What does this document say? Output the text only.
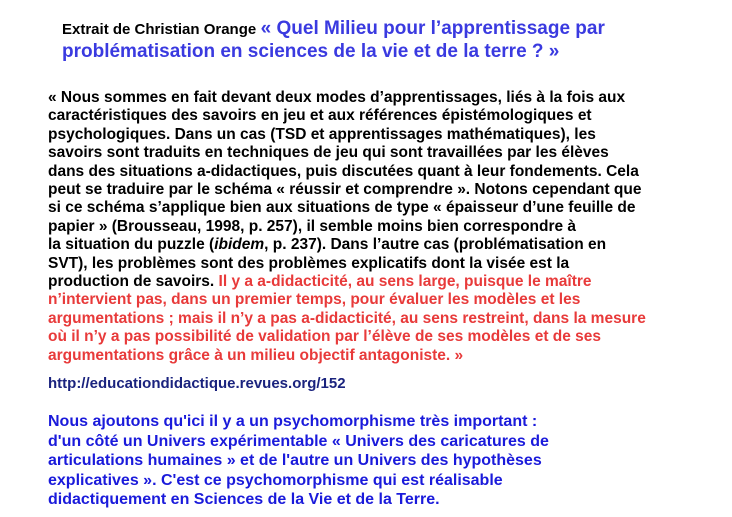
Extrait de Christian Orange « Quel Milieu pour l’apprentissage par
problématisation en sciences de la vie et de la terre ? »
« Nous sommes en fait devant deux modes d’apprentissages, liés à la fois aux
caractéristiques des savoirs en jeu et aux références épistémologiques et
psychologiques. Dans un cas (TSD et apprentissages mathématiques), les
savoirs sont traduits en techniques de jeu qui sont travaillées par les élèves
dans des situations a-didactiques, puis discutées quant à leur fondements. Cela
peut se traduire par le schéma « réussir et comprendre ». Notons cependant que
si ce schéma s’applique bien aux situations de type « épaisseur d’une feuille de
papier » (Brousseau, 1998, p. 257), il semble moins bien correspondre à
la situation du puzzle (ibidem, p. 237). Dans l’autre cas (problématisation en
SVT), les problèmes sont des problèmes explicatifs dont la visée est la
production de savoirs. Il y a a-didacticité, au sens large, puisque le maître
n’intervient pas, dans un premier temps, pour évaluer les modèles et les
argumentations ; mais il n’y a pas a-didacticité, au sens restreint, dans la mesure
où il n’y a pas possibilité de validation par l’élève de ses modèles et de ses
argumentations grâce à un milieu objectif antagoniste. »
http://educationdidactique.revues.org/152
Nous ajoutons qu'ici il y a un psychomorphisme très important :
d'un côté un Univers expérimentable « Univers des caricatures de
articulations humaines » et de l'autre un Univers des hypothèses
explicatives ». C'est ce psychomorphisme qui est réalisable
didactiquement en Sciences de la Vie et de la Terre.
